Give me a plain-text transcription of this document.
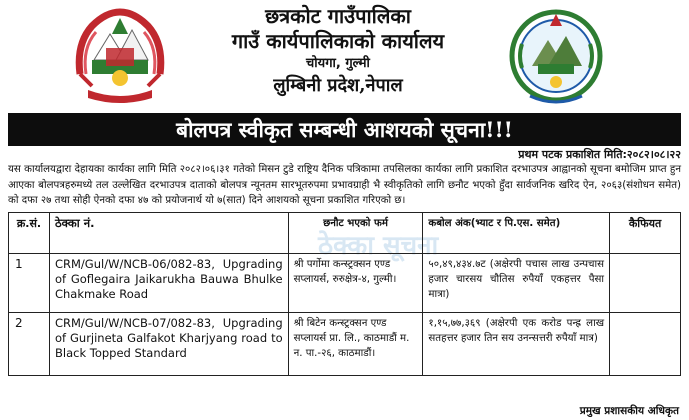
छत्रकोट गाउँपालिका
गाउँ कार्यपालिकाको कार्यालय
चोयगा, गुल्मी
लुम्बिनी प्रदेश,नेपाल
बोलपत्र स्वीकृत सम्बन्धी आशयको सूचना!!!
प्रथम पटक प्रकाशित मिति:२०८२।०८।२२
यस कार्यालयद्वारा देहायका कार्यका लागि मिति २०८२।०६।३१ गतेको मिसन टुडे राष्ट्रिय दैनिक पत्रिकामा तपसिलका कार्यका लागि प्रकाशित दरभाउपत्र आह्वानको सूचना बमोजिम प्राप्त हुन आएका बोलपत्रहरुमध्ये तल उल्लेखित दरभाउपत्र दाताको बोलपत्र न्यूनतम सारभूतरुपमा प्रभावग्राही भै स्वीकृतिको लागि छनौट भएको हुँदा सार्वजनिक खरिद ऐन, २०६३(संशोधन समेत) को दफा २७ तथा सोही ऐनको दफा ४७ को प्रयोजनार्थ यो ७(सात) दिने आशयको सूचना प्रकाशित गरिएको छ।
ठेक्का सूचना
क्र.सं.	ठेक्का नं.	छनौट भएको फर्म	कबोल अंक(भ्याट र पि.एस. समेत)	कैफियत
1	CRM/Gul/W/NCB-06/082-83, Upgrading of Goflegaira Jaikarukha Bauwa Bhulke Chakmake Road	श्री पर्गोमा कन्स्ट्रक्सन एण्ड सप्लायर्स, रुरुक्षेत्र-४, गुल्मी।	५०,४९,४३४.७ट (अक्षेरपी पचास लाख उन्पचास हजार चारसय चौतिस रुपैयाँ एकहत्तर पैसा मात्रा)	
2	CRM/Gul/W/NCB-07/082-83, Upgrading of Gurjineta Galfakot Kharjyang road to Black Topped Standard	श्री बिटेन कन्स्ट्रक्सन एण्ड सप्लायर्स प्रा. लि., काठमाडौं म. न. पा.-२६, काठमाडौं।	१,१५,७७,३६९ (अक्षेरपी एक करोड पन्ह्र लाख सतहत्तर हजार तिन सय उनन्सत्तरी रुपैयाँ मात्र)	
प्रमुख प्रशासकीय अधिकृत
